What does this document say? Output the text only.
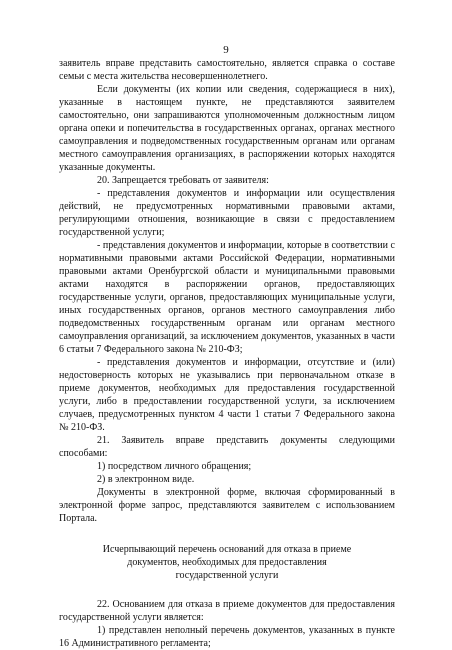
9

заявитель вправе представить самостоятельно, является справка о составе семьи с места жительства несовершеннолетнего.

Если документы (их копии или сведения, содержащиеся в них), указанные в настоящем пункте, не представляются заявителем самостоятельно, они запрашиваются уполномоченным должностным лицом органа опеки и попечительства в государственных органах, органах местного самоуправления и подведомственных государственным органам или органам местного самоуправления организациях, в распоряжении которых находятся указанные документы.

20. Запрещается требовать от заявителя:

- представления документов и информации или осуществления действий, не предусмотренных нормативными правовыми актами, регулирующими отношения, возникающие в связи с предоставлением государственной услуги;

- представления документов и информации, которые в соответствии с нормативными правовыми актами Российской Федерации, нормативными правовыми актами Оренбургской области и муниципальными правовыми актами находятся в распоряжении органов, предоставляющих государственные услуги, органов, предоставляющих муниципальные услуги, иных государственных органов, органов местного самоуправления либо подведомственных государственным органам или органам местного самоуправления организаций, за исключением документов, указанных в части 6 статьи 7 Федерального закона № 210-ФЗ;

- представления документов и информации, отсутствие и (или) недостоверность которых не указывались при первоначальном отказе в приеме документов, необходимых для предоставления государственной услуги, либо в предоставлении государственной услуги, за исключением случаев, предусмотренных пунктом 4 части 1 статьи 7 Федерального закона № 210-ФЗ.

21. Заявитель вправе представить документы следующими способами:

1) посредством личного обращения;

2) в электронном виде.

Документы в электронной форме, включая сформированный в электронной форме запрос, представляются заявителем с использованием Портала.

Исчерпывающий перечень оснований для отказа в приеме
документов, необходимых для предоставления
государственной услуги

22. Основанием для отказа в приеме документов для предоставления государственной услуги является:

1) представлен неполный перечень документов, указанных в пункте 16 Административного регламента;
